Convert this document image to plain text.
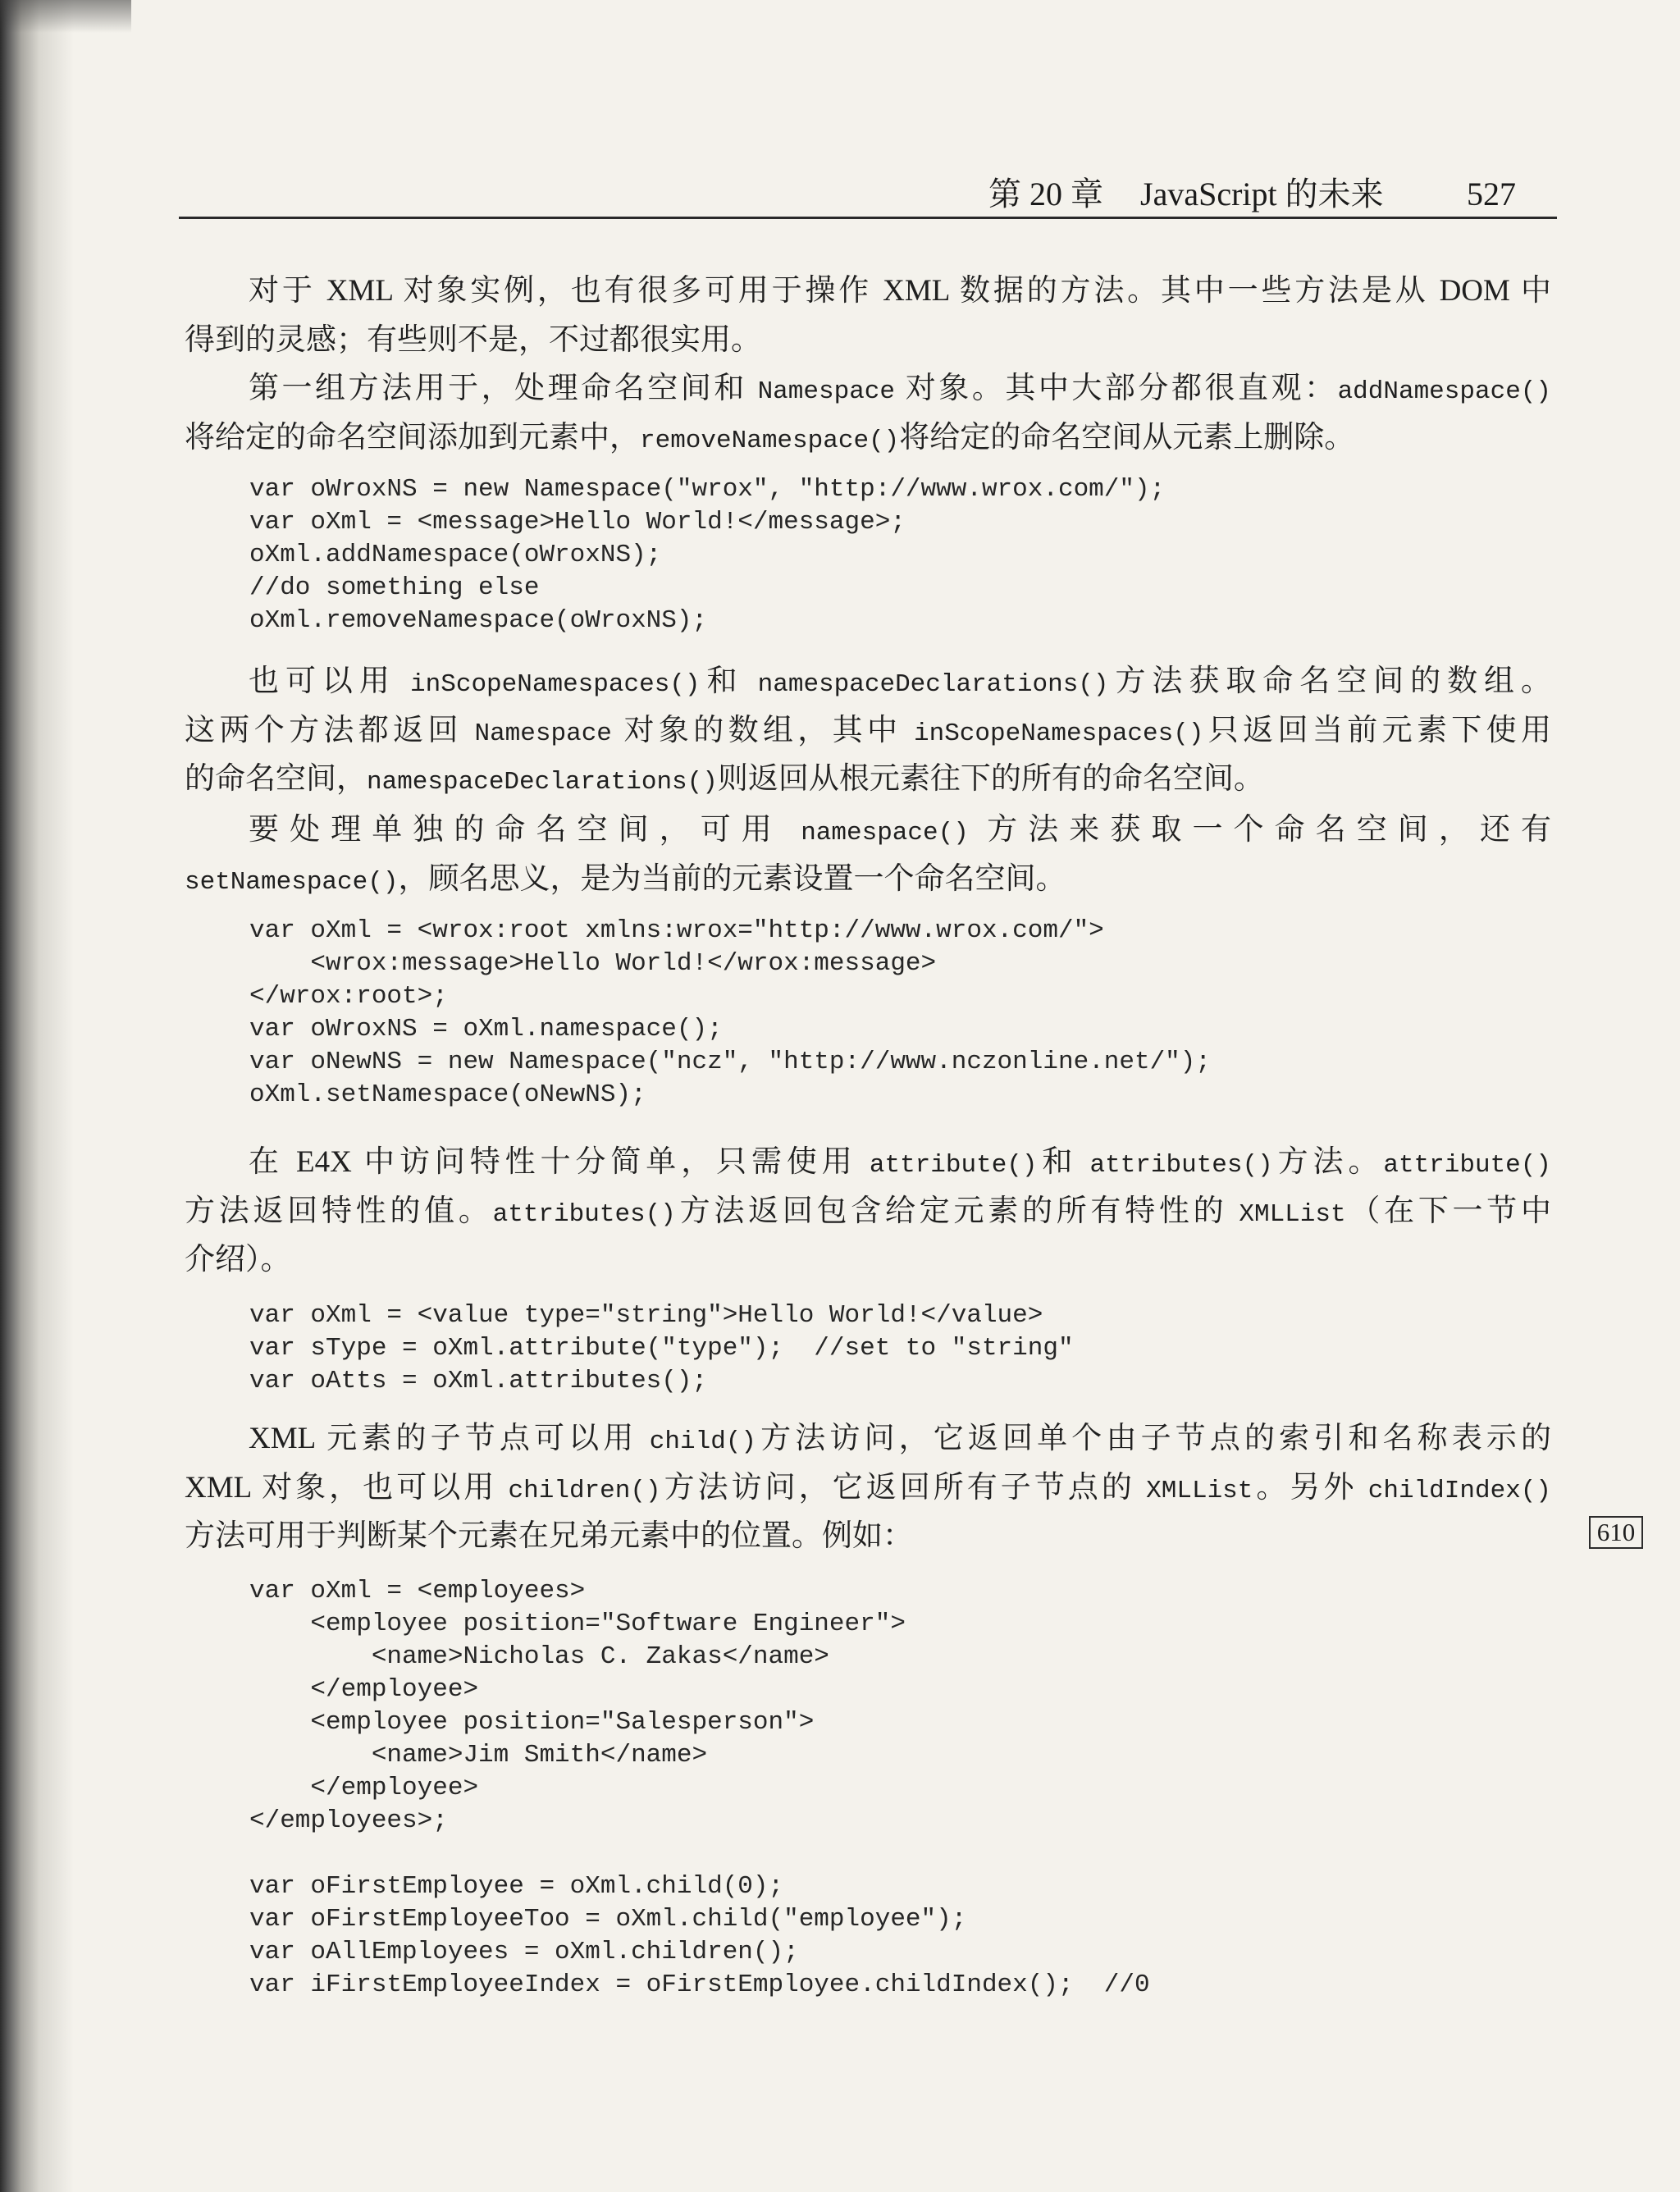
第 20 章 JavaScript 的未来	527
对于 XML 对象实例，也有很多可用于操作 XML 数据的方法。其中一些方法是从 DOM 中
得到的灵感；有些则不是，不过都很实用。
第一组方法用于，处理命名空间和 Namespace 对象。其中大部分都很直观：addNamespace()
将给定的命名空间添加到元素中，removeNamespace()将给定的命名空间从元素上删除。
var oWroxNS = new Namespace("wrox", "http://www.wrox.com/");
var oXml = <message>Hello World!</message>;
oXml.addNamespace(oWroxNS);
//do something else
oXml.removeNamespace(oWroxNS);
也可以用 inScopeNamespaces()和 namespaceDeclarations()方法获取命名空间的数组。
这两个方法都返回 Namespace 对象的数组，其中 inScopeNamespaces()只返回当前元素下使用
的命名空间，namespaceDeclarations()则返回从根元素往下的所有的命名空间。
要处理单独的命名空间，可用 namespace() 方法来获取一个命名空间，还有
setNamespace()，顾名思义，是为当前的元素设置一个命名空间。
var oXml = <wrox:root xmlns:wrox="http://www.wrox.com/">
<wrox:message>Hello World!</wrox:message>
</wrox:root>;
var oWroxNS = oXml.namespace();
var oNewNS = new Namespace("ncz", "http://www.nczonline.net/");
oXml.setNamespace(oNewNS);
在 E4X 中访问特性十分简单，只需使用 attribute()和 attributes()方法。attribute()
方法返回特性的值。attributes()方法返回包含给定元素的所有特性的 XMLList（在下一节中
介绍）。
var oXml = <value type="string">Hello World!</value>
var sType = oXml.attribute("type");  //set to "string"
var oAtts = oXml.attributes();
XML 元素的子节点可以用 child()方法访问，它返回单个由子节点的索引和名称表示的
XML 对象，也可以用 children()方法访问，它返回所有子节点的 XMLList。另外 childIndex()
方法可用于判断某个元素在兄弟元素中的位置。例如：
var oXml = <employees>
<employee position="Software Engineer">
<name>Nicholas C. Zakas</name>
</employee>
<employee position="Salesperson">
<name>Jim Smith</name>
</employee>
</employees>;
var oFirstEmployee = oXml.child(0);
var oFirstEmployeeToo = oXml.child("employee");
var oAllEmployees = oXml.children();
var iFirstEmployeeIndex = oFirstEmployee.childIndex();  //0
610
